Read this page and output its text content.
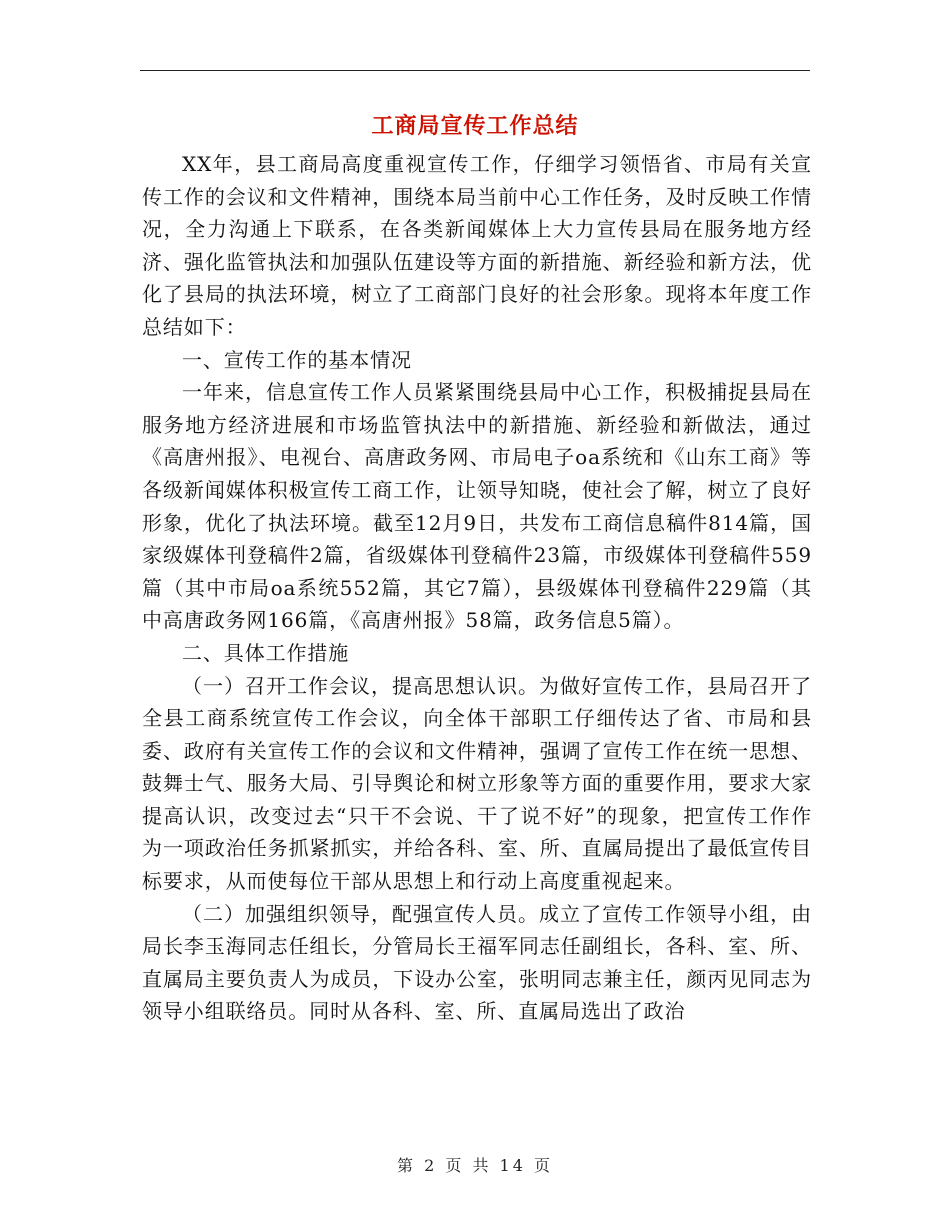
工商局宣传工作总结

XX年，县工商局高度重视宣传工作，仔细学习领悟省、市局有关宣传工作的会议和文件精神，围绕本局当前中心工作任务，及时反映工作情况，全力沟通上下联系，在各类新闻媒体上大力宣传县局在服务地方经济、强化监管执法和加强队伍建设等方面的新措施、新经验和新方法，优化了县局的执法环境，树立了工商部门良好的社会形象。现将本年度工作总结如下：

一、宣传工作的基本情况

一年来，信息宣传工作人员紧紧围绕县局中心工作，积极捕捉县局在服务地方经济进展和市场监管执法中的新措施、新经验和新做法，通过《高唐州报》、电视台、高唐政务网、市局电子oa系统和《山东工商》等各级新闻媒体积极宣传工商工作，让领导知晓，使社会了解，树立了良好形象，优化了执法环境。截至12月9日，共发布工商信息稿件814篇，国家级媒体刊登稿件2篇，省级媒体刊登稿件23篇，市级媒体刊登稿件559篇（其中市局oa系统552篇，其它7篇），县级媒体刊登稿件229篇（其中高唐政务网166篇，《高唐州报》58篇，政务信息5篇）。

二、具体工作措施

（一）召开工作会议，提高思想认识。为做好宣传工作，县局召开了全县工商系统宣传工作会议，向全体干部职工仔细传达了省、市局和县委、政府有关宣传工作的会议和文件精神，强调了宣传工作在统一思想、鼓舞士气、服务大局、引导舆论和树立形象等方面的重要作用，要求大家提高认识，改变过去“只干不会说、干了说不好”的现象，把宣传工作作为一项政治任务抓紧抓实，并给各科、室、所、直属局提出了最低宣传目标要求，从而使每位干部从思想上和行动上高度重视起来。

（二）加强组织领导，配强宣传人员。成立了宣传工作领导小组，由局长李玉海同志任组长，分管局长王福军同志任副组长，各科、室、所、直属局主要负责人为成员，下设办公室，张明同志兼主任，颜丙见同志为领导小组联络员。同时从各科、室、所、直属局选出了政治

第 2 页 共 14 页
